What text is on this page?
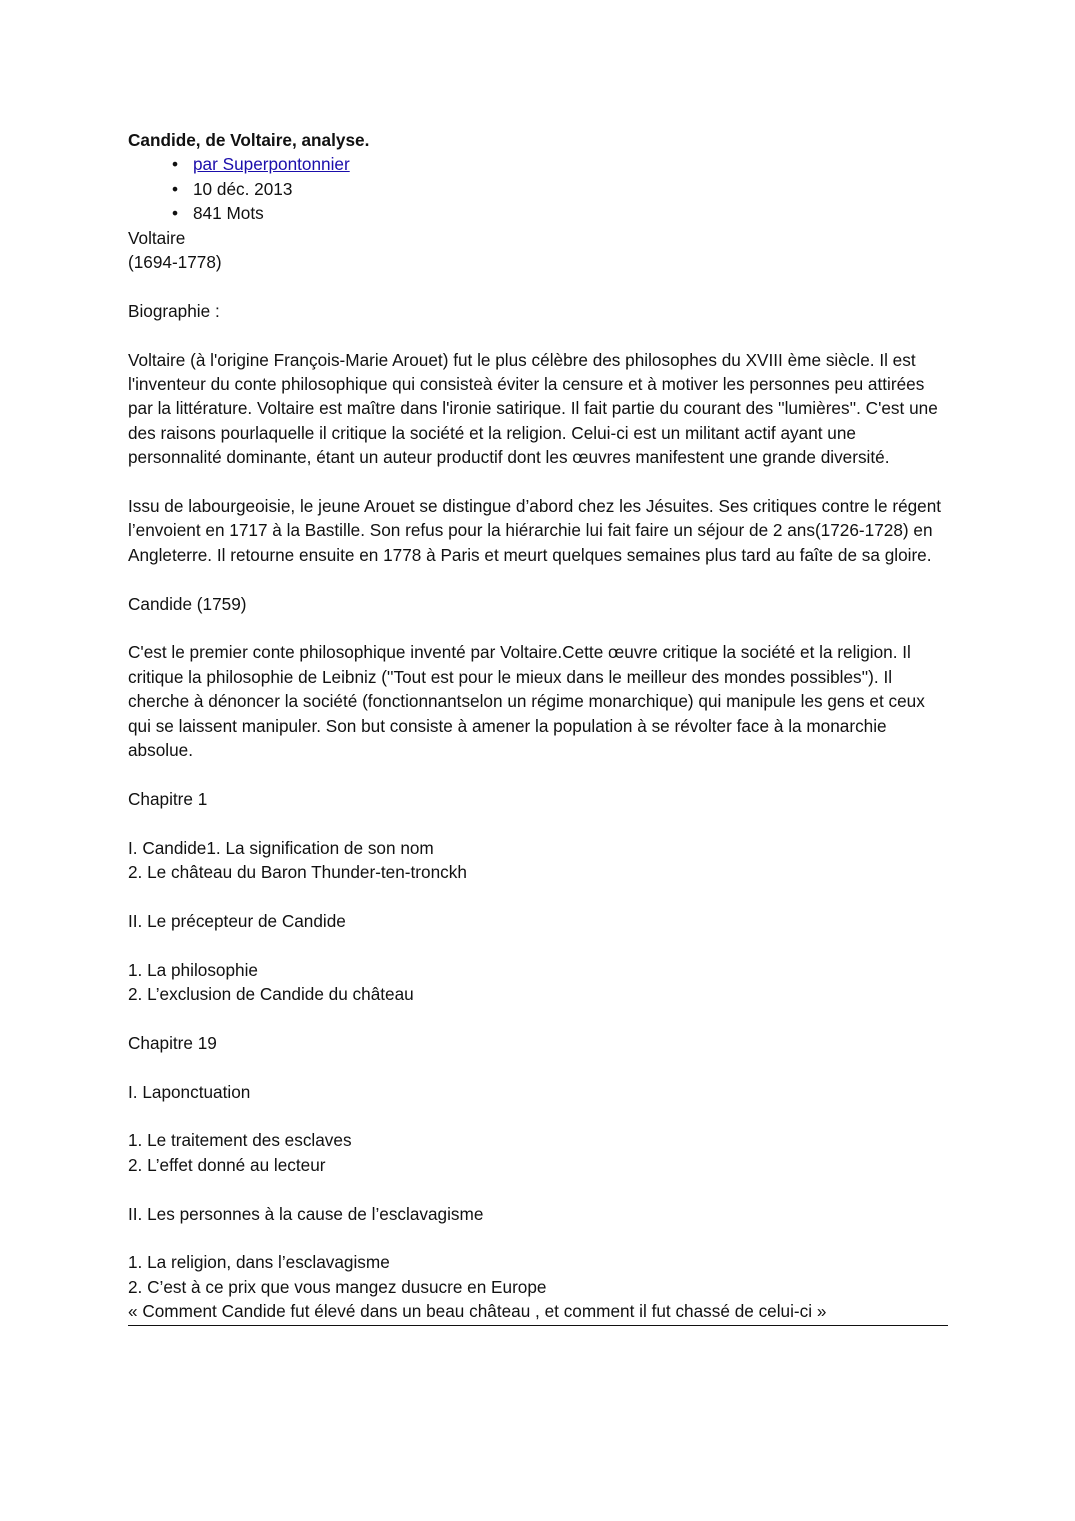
Candide, de Voltaire, analyse.

• par Superpontonnier
• 10 déc. 2013
• 841 Mots

Voltaire

(1694-1778)

Biographie :

Voltaire (à l'origine François-Marie Arouet) fut le plus célèbre des philosophes du XVIII ème siècle. Il est l'inventeur du conte philosophique qui consisteà éviter la censure et à motiver les personnes peu attirées par la littérature. Voltaire est maître dans l'ironie satirique. Il fait partie du courant des ''lumières''. C'est une des raisons pourlaquelle il critique la société et la religion. Celui-ci est un militant actif ayant une personnalité dominante, étant un auteur productif dont les œuvres manifestent une grande diversité.

Issu de labourgeoisie, le jeune Arouet se distingue d’abord chez les Jésuites. Ses critiques contre le régent l’envoient en 1717 à la Bastille. Son refus pour la hiérarchie lui fait faire un séjour de 2 ans(1726-1728) en Angleterre. Il retourne ensuite en 1778 à Paris et meurt quelques semaines plus tard au faîte de sa gloire.

Candide (1759)

C'est le premier conte philosophique inventé par Voltaire.Cette œuvre critique la société et la religion. Il critique la philosophie de Leibniz (''Tout est pour le mieux dans le meilleur des mondes possibles''). Il cherche à dénoncer la société (fonctionnantselon un régime monarchique) qui manipule les gens et ceux qui se laissent manipuler. Son but consiste à amener la population à se révolter face à la monarchie absolue.

Chapitre 1

I. Candide1. La signification de son nom

2. Le château du Baron Thunder-ten-tronckh

II. Le précepteur de Candide

1. La philosophie

2. L’exclusion de Candide du château

Chapitre 19

I. Laponctuation

1. Le traitement des esclaves

2. L’effet donné au lecteur

II. Les personnes à la cause de l’esclavagisme

1. La religion, dans l’esclavagisme

2. C’est à ce prix que vous mangez dusucre en Europe

« Comment Candide fut élevé dans un beau château , et comment il fut chassé de celui-ci »
